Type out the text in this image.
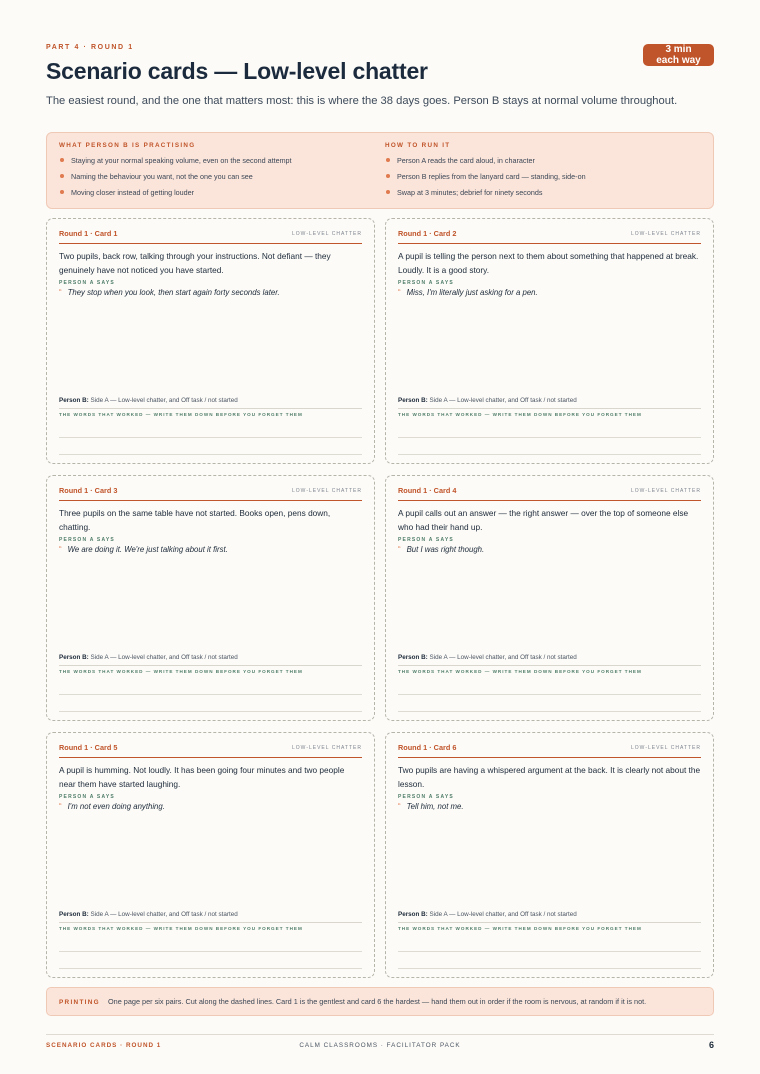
PART 4 · ROUND 1	3 min
each way
Scenario cards — Low-level chatter
The easiest round, and the one that matters most: this is where the 38 days goes. Person B stays at normal volume throughout.
WHAT PERSON B IS PRACTISING
Staying at your normal speaking volume, even on the second attempt
Naming the behaviour you want, not the one you can see
Moving closer instead of getting louder
HOW TO RUN IT
Person A reads the card aloud, in character
Person B replies from the lanyard card — standing, side-on
Swap at 3 minutes; debrief for ninety seconds
Round 1 · Card 1	LOW-LEVEL CHATTER
Two pupils, back row, talking through your instructions. Not defiant — they genuinely have not noticed you have started.
PERSON A SAYS
“ They stop when you look, then start again forty seconds later.
Person B: Side A — Low-level chatter, and Off task / not started
THE WORDS THAT WORKED — WRITE THEM DOWN BEFORE YOU FORGET THEM
Round 1 · Card 2	LOW-LEVEL CHATTER
A pupil is telling the person next to them about something that happened at break. Loudly. It is a good story.
PERSON A SAYS
“ Miss, I'm literally just asking for a pen.
Person B: Side A — Low-level chatter, and Off task / not started
THE WORDS THAT WORKED — WRITE THEM DOWN BEFORE YOU FORGET THEM
Round 1 · Card 3	LOW-LEVEL CHATTER
Three pupils on the same table have not started. Books open, pens down, chatting.
PERSON A SAYS
“ We are doing it. We're just talking about it first.
Person B: Side A — Low-level chatter, and Off task / not started
THE WORDS THAT WORKED — WRITE THEM DOWN BEFORE YOU FORGET THEM
Round 1 · Card 4	LOW-LEVEL CHATTER
A pupil calls out an answer — the right answer — over the top of someone else who had their hand up.
PERSON A SAYS
“ But I was right though.
Person B: Side A — Low-level chatter, and Off task / not started
THE WORDS THAT WORKED — WRITE THEM DOWN BEFORE YOU FORGET THEM
Round 1 · Card 5	LOW-LEVEL CHATTER
A pupil is humming. Not loudly. It has been going four minutes and two people near them have started laughing.
PERSON A SAYS
“ I'm not even doing anything.
Person B: Side A — Low-level chatter, and Off task / not started
THE WORDS THAT WORKED — WRITE THEM DOWN BEFORE YOU FORGET THEM
Round 1 · Card 6	LOW-LEVEL CHATTER
Two pupils are having a whispered argument at the back. It is clearly not about the lesson.
PERSON A SAYS
“ Tell him, not me.
Person B: Side A — Low-level chatter, and Off task / not started
THE WORDS THAT WORKED — WRITE THEM DOWN BEFORE YOU FORGET THEM
PRINTING One page per six pairs. Cut along the dashed lines. Card 1 is the gentlest and card 6 the hardest — hand them out in order if the room is nervous, at random if it is not.
SCENARIO CARDS · ROUND 1	CALM CLASSROOMS · FACILITATOR PACK	6
